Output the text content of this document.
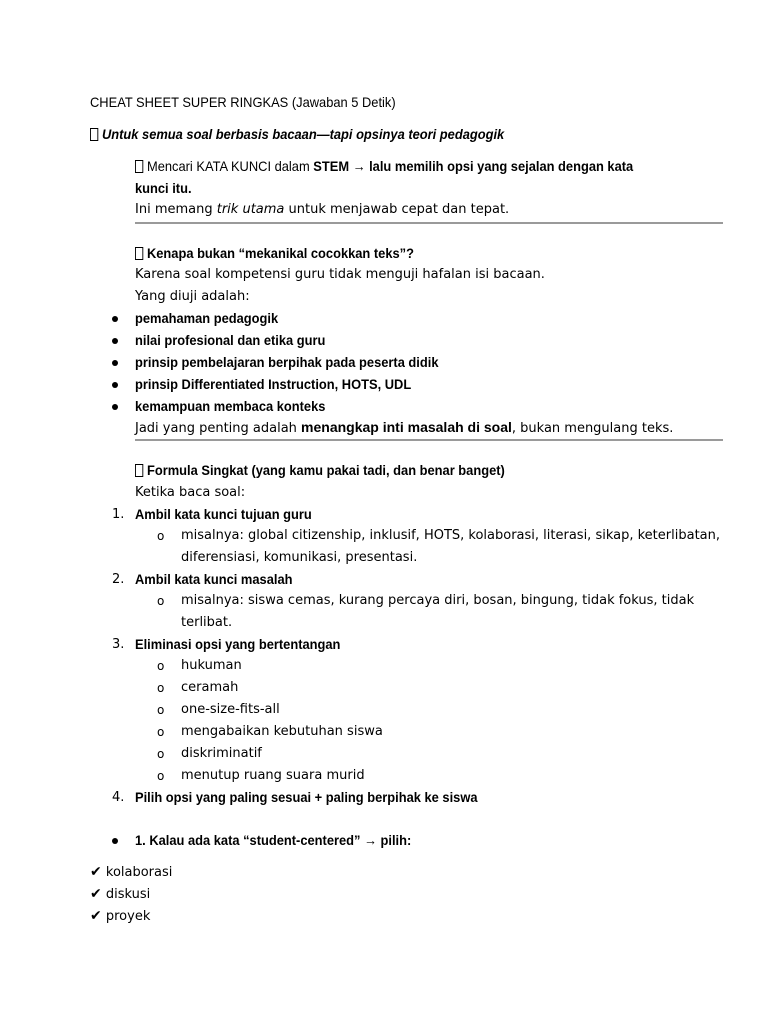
CHEAT SHEET SUPER RINGKAS (Jawaban 5 Detik)
Untuk semua soal berbasis bacaan—tapi opsinya teori pedagogik
Mencari KATA KUNCI dalam STEM → lalu memilih opsi yang sejalan dengan kata
kunci itu.
Ini memang trik utama untuk menjawab cepat dan tepat.
Kenapa bukan “mekanikal cocokkan teks”?
Karena soal kompetensi guru tidak menguji hafalan isi bacaan.
Yang diuji adalah:
pemahaman pedagogik
nilai profesional dan etika guru
prinsip pembelajaran berpihak pada peserta didik
prinsip Differentiated Instruction, HOTS, UDL
kemampuan membaca konteks
Jadi yang penting adalah menangkap inti masalah di soal, bukan mengulang teks.
Formula Singkat (yang kamu pakai tadi, dan benar banget)
Ketika baca soal:
1. Ambil kata kunci tujuan guru
o misalnya: global citizenship, inklusif, HOTS, kolaborasi, literasi, sikap, keterlibatan,
diferensiasi, komunikasi, presentasi.
2. Ambil kata kunci masalah
o misalnya: siswa cemas, kurang percaya diri, bosan, bingung, tidak fokus, tidak
terlibat.
3. Eliminasi opsi yang bertentangan
o hukuman
o ceramah
o one-size-fits-all
o mengabaikan kebutuhan siswa
o diskriminatif
o menutup ruang suara murid
4. Pilih opsi yang paling sesuai + paling berpihak ke siswa
1. Kalau ada kata “student-centered” → pilih:
✔ kolaborasi
✔ diskusi
✔ proyek
